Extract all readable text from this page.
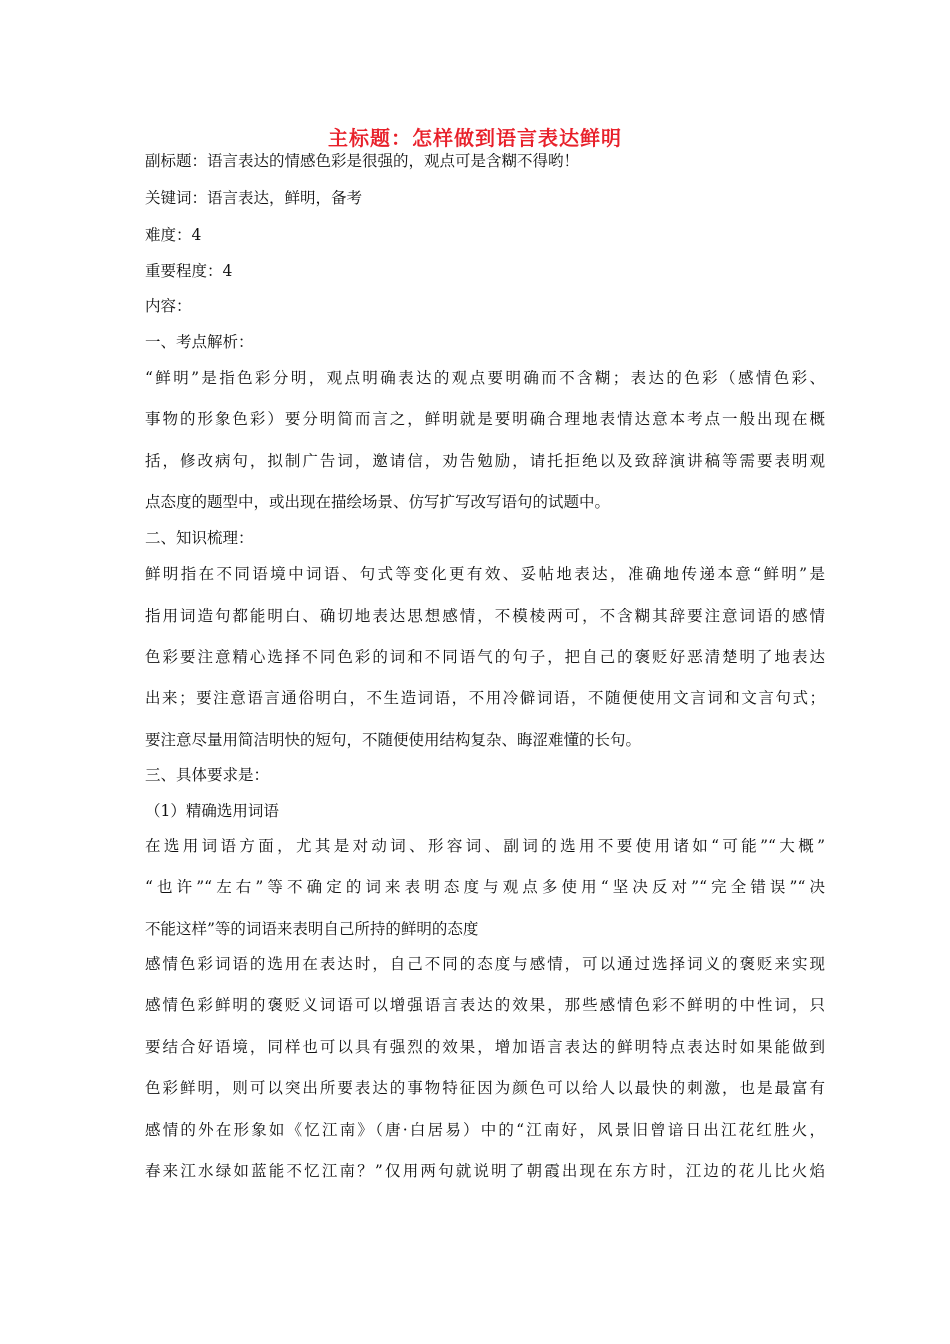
主标题：怎样做到语言表达鲜明
副标题：语言表达的情感色彩是很强的，观点可是含糊不得哟！
关键词：语言表达，鲜明，备考
难度：4
重要程度：4
内容：
一、考点解析：
“鲜明”是指色彩分明，观点明确表达的观点要明确而不含糊；表达的色彩（感情色彩、
事物的形象色彩）要分明简而言之，鲜明就是要明确合理地表情达意本考点一般出现在概
括，修改病句，拟制广告词，邀请信，劝告勉励，请托拒绝以及致辞演讲稿等需要表明观
点态度的题型中，或出现在描绘场景、仿写扩写改写语句的试题中。
二、知识梳理：
鲜明指在不同语境中词语、句式等变化更有效、妥帖地表达，准确地传递本意“鲜明”是
指用词造句都能明白、确切地表达思想感情，不模棱两可，不含糊其辞要注意词语的感情
色彩要注意精心选择不同色彩的词和不同语气的句子，把自己的褒贬好恶清楚明了地表达
出来；要注意语言通俗明白，不生造词语，不用冷僻词语，不随便使用文言词和文言句式；
要注意尽量用简洁明快的短句，不随便使用结构复杂、晦涩难懂的长句。
三、具体要求是：
（1）精确选用词语
在选用词语方面，尤其是对动词、形容词、副词的选用不要使用诸如“可能”“大概”
“也许”“左右”等不确定的词来表明态度与观点多使用“坚决反对”“完全错误”“决
不能这样”等的词语来表明自己所持的鲜明的态度
感情色彩词语的选用在表达时，自己不同的态度与感情，可以通过选择词义的褒贬来实现
感情色彩鲜明的褒贬义词语可以增强语言表达的效果，那些感情色彩不鲜明的中性词，只
要结合好语境，同样也可以具有强烈的效果，增加语言表达的鲜明特点表达时如果能做到
色彩鲜明，则可以突出所要表达的事物特征因为颜色可以给人以最快的刺激，也是最富有
感情的外在形象如《忆江南》（唐·白居易）中的“江南好，风景旧曾谙日出江花红胜火，
春来江水绿如蓝能不忆江南？”仅用两句就说明了朝霞出现在东方时，江边的花儿比火焰
